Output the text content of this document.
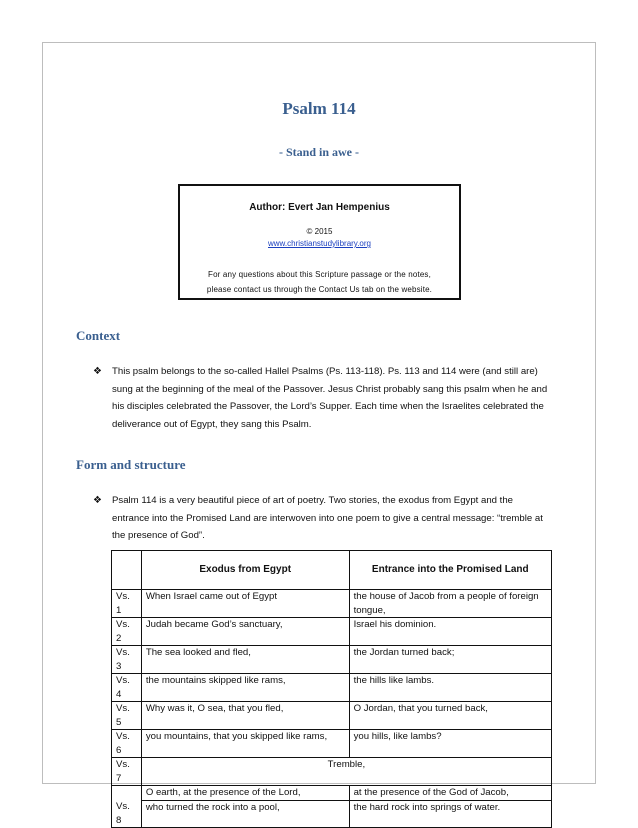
Psalm 114
- Stand in awe -
Author: Evert Jan Hempenius
© 2015
www.christianstudylibrary.org
For any questions about this Scripture passage or the notes,
please contact us through the Contact Us tab on the website.
Context
❖ This psalm belongs to the so-called Hallel Psalms (Ps. 113-118). Ps. 113 and 114 were (and still are) sung at the beginning of the meal of the Passover. Jesus Christ probably sang this psalm when he and his disciples celebrated the Passover, the Lord’s Supper. Each time when the Israelites celebrated the deliverance out of Egypt, they sang this Psalm.
Form and structure
❖ Psalm 114 is a very beautiful piece of art of poetry. Two stories, the exodus from Egypt and the entrance into the Promised Land are interwoven into one poem to give a central message: “tremble at the presence of God”.
	Exodus from Egypt	Entrance into the Promised Land
Vs. 1	When Israel came out of Egypt	the house of Jacob from a people of foreign tongue,
Vs. 2	Judah became God’s sanctuary,	Israel his dominion.
Vs. 3	The sea looked and fled,	the Jordan turned back;
Vs. 4	the mountains skipped like rams,	the hills like lambs.
Vs. 5	Why was it, O sea, that you fled,	O Jordan, that you turned back,
Vs. 6	you mountains, that you skipped like rams,	you hills, like lambs?
Vs. 7	Tremble,	
	O earth, at the presence of the Lord,	at the presence of the God of Jacob,
Vs. 8	who turned the rock into a pool,	the hard rock into springs of water.
